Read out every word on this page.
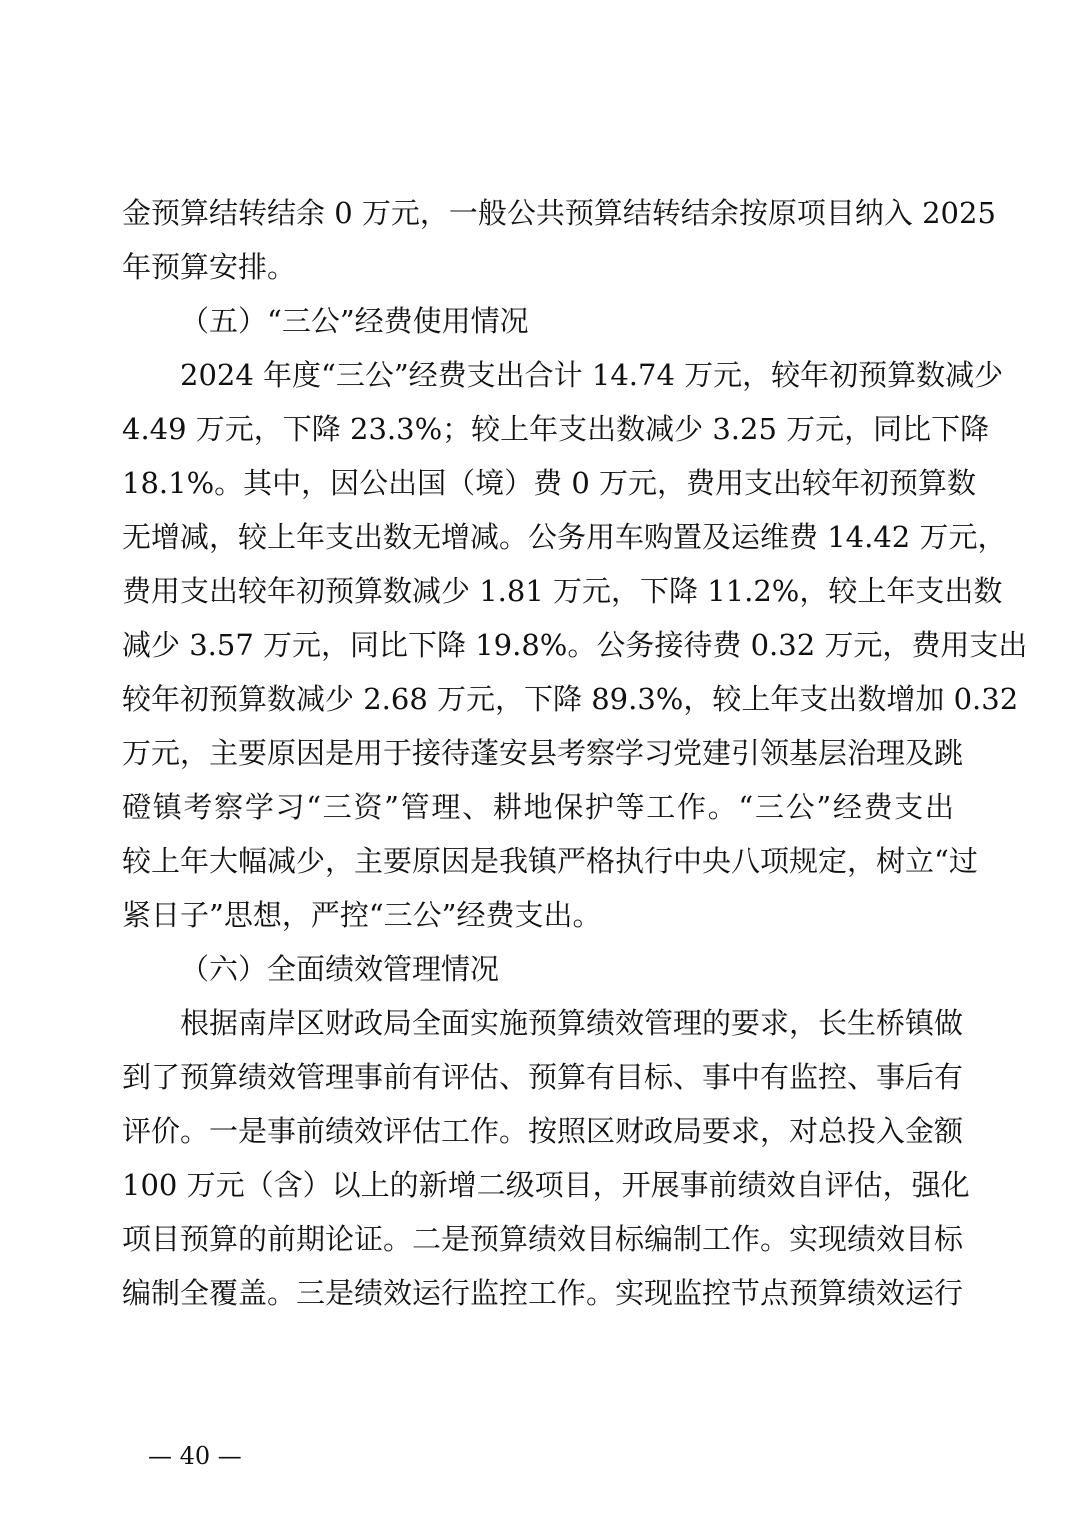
金预算结转结余 0 万元，一般公共预算结转结余按原项目纳入 2025
年预算安排。
（五）“三公”经费使用情况
2024 年度“三公”经费支出合计 14.74 万元，较年初预算数减少
4.49 万元，下降 23.3%；较上年支出数减少 3.25 万元，同比下降
18.1%。其中，因公出国（境）费 0 万元，费用支出较年初预算数
无增减，较上年支出数无增减。公务用车购置及运维费 14.42 万元，
费用支出较年初预算数减少 1.81 万元，下降 11.2%，较上年支出数
减少 3.57 万元，同比下降 19.8%。公务接待费 0.32 万元，费用支出
较年初预算数减少 2.68 万元，下降 89.3%，较上年支出数增加 0.32
万元，主要原因是用于接待蓬安县考察学习党建引领基层治理及跳
磴镇考察学习“三资”管理、耕地保护等工作。“三公”经费支出
较上年大幅减少，主要原因是我镇严格执行中央八项规定，树立“过
紧日子”思想，严控“三公”经费支出。
（六）全面绩效管理情况
根据南岸区财政局全面实施预算绩效管理的要求，长生桥镇做
到了预算绩效管理事前有评估、预算有目标、事中有监控、事后有
评价。一是事前绩效评估工作。按照区财政局要求，对总投入金额
100 万元（含）以上的新增二级项目，开展事前绩效自评估，强化
项目预算的前期论证。二是预算绩效目标编制工作。实现绩效目标
编制全覆盖。三是绩效运行监控工作。实现监控节点预算绩效运行
— 40 —
